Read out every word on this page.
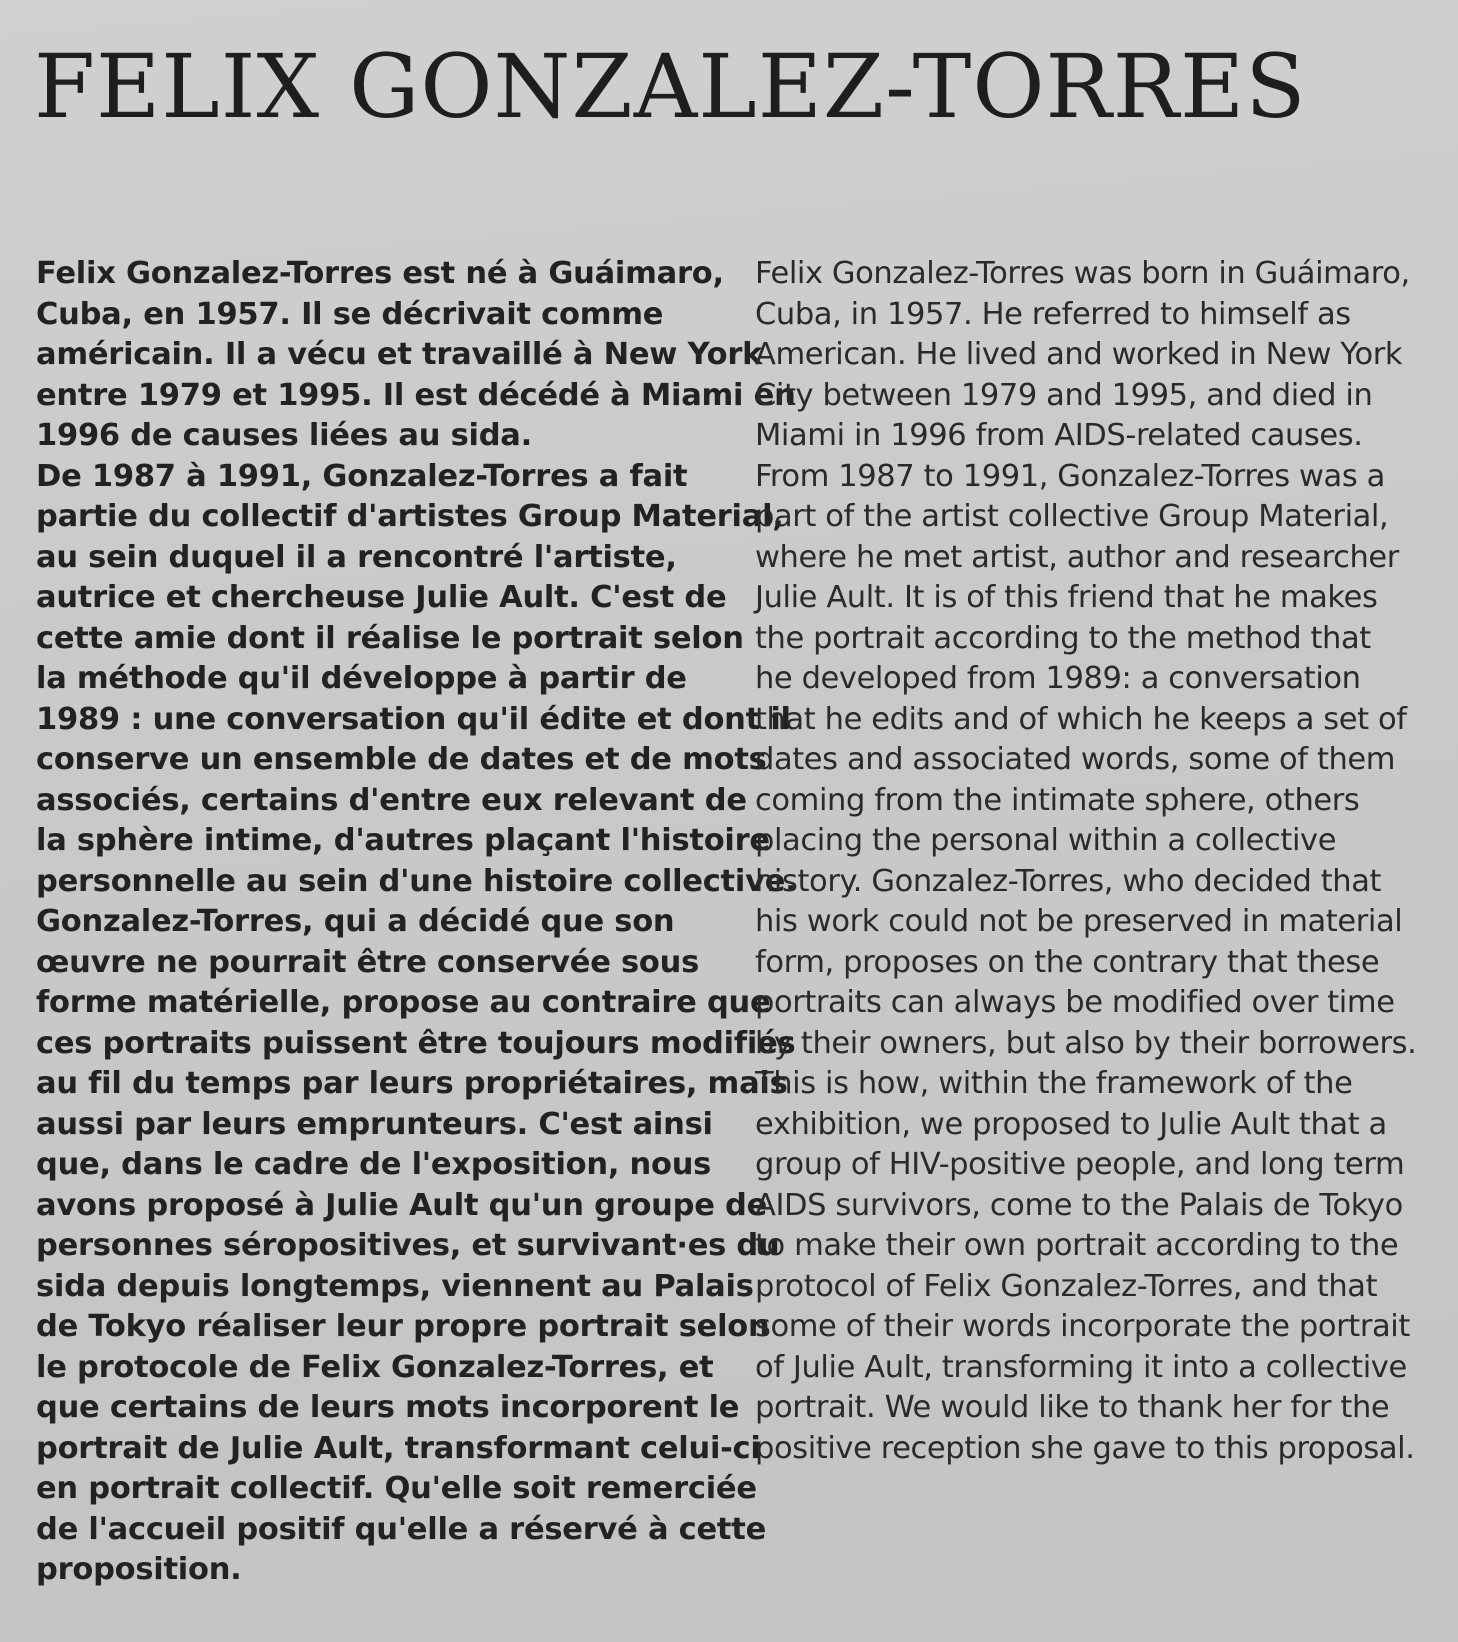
FELIX GONZALEZ-TORRES

Felix Gonzalez-Torres est né à Guáimaro,
Cuba, en 1957. Il se décrivait comme
américain. Il a vécu et travaillé à New York
entre 1979 et 1995. Il est décédé à Miami en
1996 de causes liées au sida.
De 1987 à 1991, Gonzalez-Torres a fait
partie du collectif d'artistes Group Material,
au sein duquel il a rencontré l'artiste,
autrice et chercheuse Julie Ault. C'est de
cette amie dont il réalise le portrait selon
la méthode qu'il développe à partir de
1989 : une conversation qu'il édite et dont il
conserve un ensemble de dates et de mots
associés, certains d'entre eux relevant de
la sphère intime, d'autres plaçant l'histoire
personnelle au sein d'une histoire collective.
Gonzalez-Torres, qui a décidé que son
œuvre ne pourrait être conservée sous
forme matérielle, propose au contraire que
ces portraits puissent être toujours modifiés
au fil du temps par leurs propriétaires, mais
aussi par leurs emprunteurs. C'est ainsi
que, dans le cadre de l'exposition, nous
avons proposé à Julie Ault qu'un groupe de
personnes séropositives, et survivant·es du
sida depuis longtemps, viennent au Palais
de Tokyo réaliser leur propre portrait selon
le protocole de Felix Gonzalez-Torres, et
que certains de leurs mots incorporent le
portrait de Julie Ault, transformant celui-ci
en portrait collectif. Qu'elle soit remerciée
de l'accueil positif qu'elle a réservé à cette
proposition.

Felix Gonzalez-Torres was born in Guáimaro,
Cuba, in 1957. He referred to himself as
American. He lived and worked in New York
City between 1979 and 1995, and died in
Miami in 1996 from AIDS-related causes.
From 1987 to 1991, Gonzalez-Torres was a
part of the artist collective Group Material,
where he met artist, author and researcher
Julie Ault. It is of this friend that he makes
the portrait according to the method that
he developed from 1989: a conversation
that he edits and of which he keeps a set of
dates and associated words, some of them
coming from the intimate sphere, others
placing the personal within a collective
history. Gonzalez-Torres, who decided that
his work could not be preserved in material
form, proposes on the contrary that these
portraits can always be modified over time
by their owners, but also by their borrowers.
This is how, within the framework of the
exhibition, we proposed to Julie Ault that a
group of HIV-positive people, and long term
AIDS survivors, come to the Palais de Tokyo
to make their own portrait according to the
protocol of Felix Gonzalez-Torres, and that
some of their words incorporate the portrait
of Julie Ault, transforming it into a collective
portrait. We would like to thank her for the
positive reception she gave to this proposal.
